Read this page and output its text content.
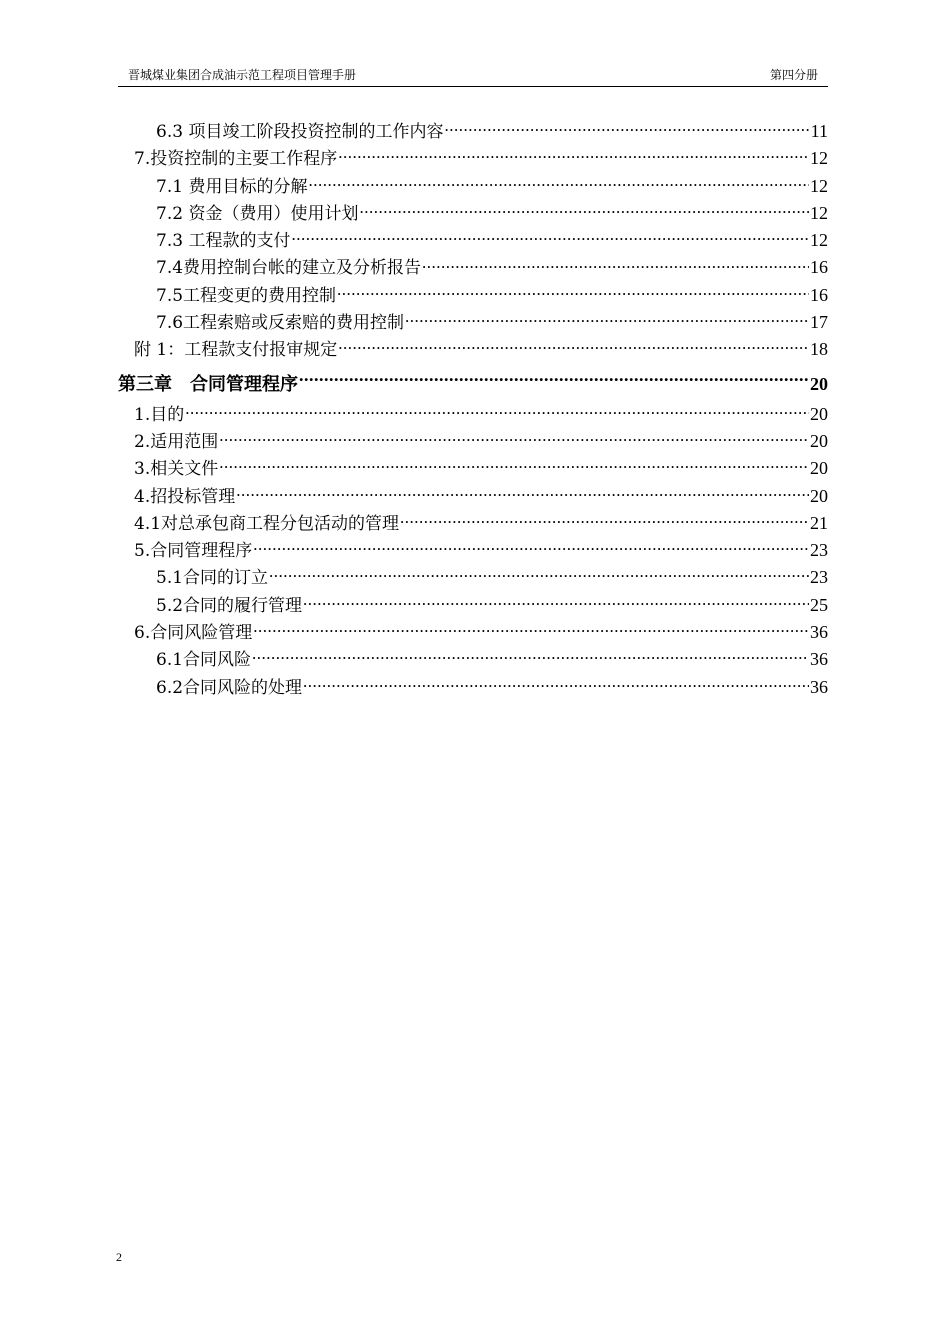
晋城煤业集团合成油示范工程项目管理手册	第四分册
6.3 项目竣工阶段投资控制的工作内容 .....	11
7.投资控制的主要工作程序 .....	12
7.1 费用目标的分解 .....	12
7.2 资金（费用）使用计划 .....	12
7.3 工程款的支付 .....	12
7.4费用控制台帐的建立及分析报告 .....	16
7.5工程变更的费用控制 .....	16
7.6工程索赔或反索赔的费用控制 .....	17
附 1：工程款支付报审规定 .....	18
第三章　合同管理程序 .....	20
1.目的 .....	20
2.适用范围 .....	20
3.相关文件 .....	20
4.招投标管理 .....	20
4.1对总承包商工程分包活动的管理 .....	21
5.合同管理程序 .....	23
5.1合同的订立 .....	23
5.2合同的履行管理 .....	25
6.合同风险管理 .....	36
6.1合同风险 .....	36
6.2合同风险的处理 .....	36
2
